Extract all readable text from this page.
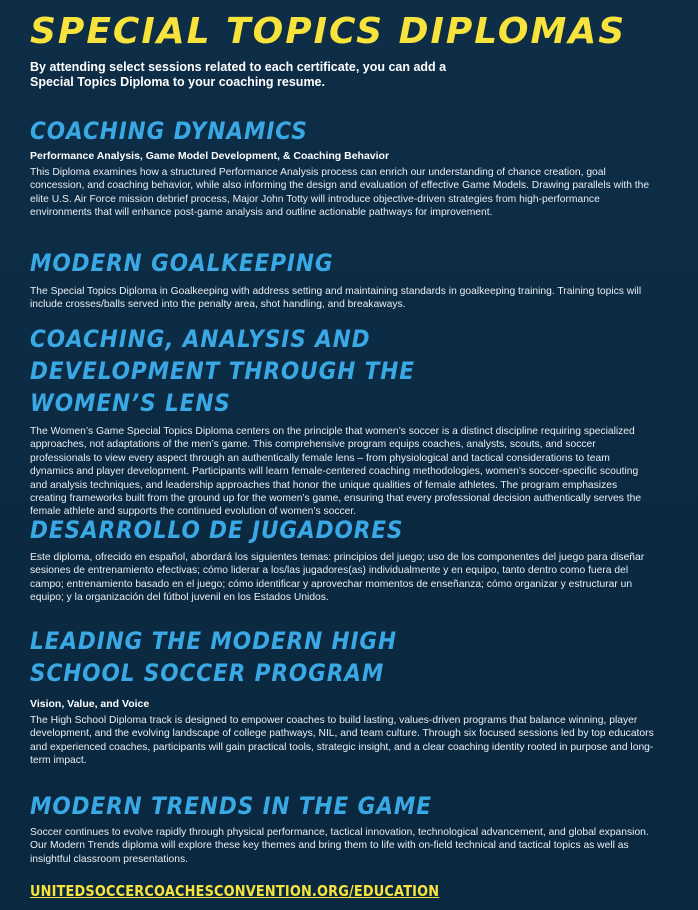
SPECIAL TOPICS DIPLOMAS

By attending select sessions related to each certificate, you can add a Special Topics Diploma to your coaching resume.

COACHING DYNAMICS

Performance Analysis, Game Model Development, & Coaching Behavior

This Diploma examines how a structured Performance Analysis process can enrich our understanding of chance creation, goal concession, and coaching behavior, while also informing the design and evaluation of effective Game Models. Drawing parallels with the elite U.S. Air Force mission debrief process, Major John Totty will introduce objective-driven strategies from high-performance environments that will enhance post-game analysis and outline actionable pathways for improvement.

MODERN GOALKEEPING

The Special Topics Diploma in Goalkeeping with address setting and maintaining standards in goalkeeping training. Training topics will include crosses/balls served into the penalty area, shot handling, and breakaways.

COACHING, ANALYSIS AND DEVELOPMENT THROUGH THE WOMEN’S LENS

The Women’s Game Special Topics Diploma centers on the principle that women’s soccer is a distinct discipline requiring specialized approaches, not adaptations of the men’s game. This comprehensive program equips coaches, analysts, scouts, and soccer professionals to view every aspect through an authentically female lens – from physiological and tactical considerations to team dynamics and player development. Participants will learn female-centered coaching methodologies, women’s soccer-specific scouting and analysis techniques, and leadership approaches that honor the unique qualities of female athletes. The program emphasizes creating frameworks built from the ground up for the women’s game, ensuring that every professional decision authentically serves the female athlete and supports the continued evolution of women’s soccer.

DESARROLLO DE JUGADORES

Este diploma, ofrecido en español, abordará los siguientes temas: principios del juego; uso de los componentes del juego para diseñar sesiones de entrenamiento efectivas; cómo liderar a los/las jugadores(as) individualmente y en equipo, tanto dentro como fuera del campo; entrenamiento basado en el juego; cómo identificar y aprovechar momentos de enseñanza; cómo organizar y estructurar un equipo; y la organización del fútbol juvenil en los Estados Unidos.

LEADING THE MODERN HIGH SCHOOL SOCCER PROGRAM

Vision, Value, and Voice

The High School Diploma track is designed to empower coaches to build lasting, values-driven programs that balance winning, player development, and the evolving landscape of college pathways, NIL, and team culture. Through six focused sessions led by top educators and experienced coaches, participants will gain practical tools, strategic insight, and a clear coaching identity rooted in purpose and long-term impact.

MODERN TRENDS IN THE GAME

Soccer continues to evolve rapidly through physical performance, tactical innovation, technological advancement, and global expansion. Our Modern Trends diploma will explore these key themes and bring them to life with on-field technical and tactical topics as well as insightful classroom presentations.

UNITEDSOCCERCOACHESCONVENTION.ORG/EDUCATION
